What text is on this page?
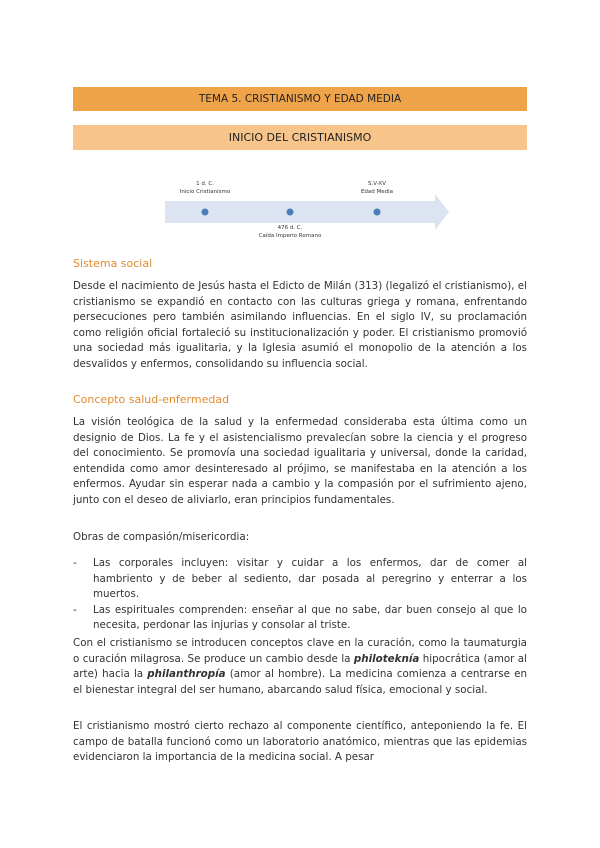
TEMA 5. CRISTIANISMO Y EDAD MEDIA
INICIO DEL CRISTIANISMO
1 d. C.
Inicio Cristianismo
476 d. C.
Caída Imperio Romano
S.V-XV
Edad Media
Sistema social

Desde el nacimiento de Jesús hasta el Edicto de Milán (313) (legalizó el cristianismo), el cristianismo se expandió en contacto con las culturas griega y romana, enfrentando persecuciones pero también asimilando influencias. En el siglo IV, su proclamación como religión oficial fortaleció su institucionalización y poder. El cristianismo promovió una sociedad más igualitaria, y la Iglesia asumió el monopolio de la atención a los desvalidos y enfermos, consolidando su influencia social.

Concepto salud-enfermedad

La visión teológica de la salud y la enfermedad consideraba esta última como un designio de Dios. La fe y el asistencialismo prevalecían sobre la ciencia y el progreso del conocimiento. Se promovía una sociedad igualitaria y universal, donde la caridad, entendida como amor desinteresado al prójimo, se manifestaba en la atención a los enfermos. Ayudar sin esperar nada a cambio y la compasión por el sufrimiento ajeno, junto con el deseo de aliviarlo, eran principios fundamentales.

Obras de compasión/misericordia:

-	Las corporales incluyen: visitar y cuidar a los enfermos, dar de comer al hambriento y de beber al sediento, dar posada al peregrino y enterrar a los muertos.
-	Las espirituales comprenden: enseñar al que no sabe, dar buen consejo al que lo necesita, perdonar las injurias y consolar al triste.

Con el cristianismo se introducen conceptos clave en la curación, como la taumaturgia o curación milagrosa. Se produce un cambio desde la philoteknía hipocrática (amor al arte) hacia la philanthropía (amor al hombre). La medicina comienza a centrarse en el bienestar integral del ser humano, abarcando salud física, emocional y social.

El cristianismo mostró cierto rechazo al componente científico, anteponiendo la fe. El campo de batalla funcionó como un laboratorio anatómico, mientras que las epidemias evidenciaron la importancia de la medicina social. A pesar
